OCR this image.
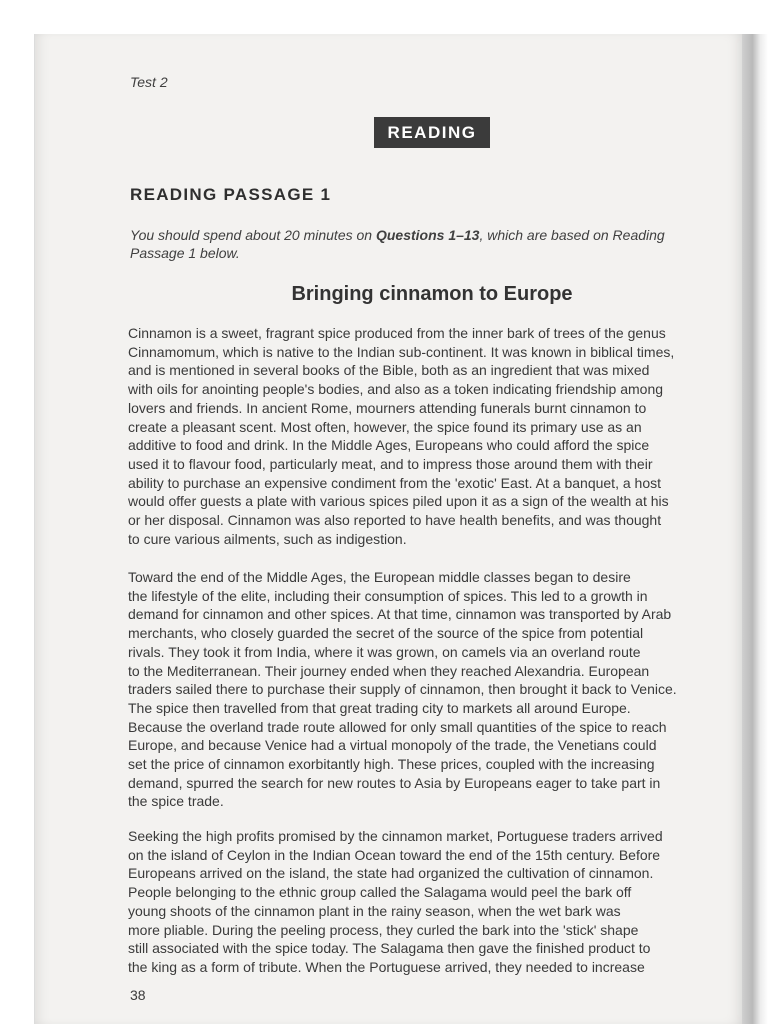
Test 2
READING
READING PASSAGE 1
You should spend about 20 minutes on Questions 1–13, which are based on Reading
Passage 1 below.
Bringing cinnamon to Europe
Cinnamon is a sweet, fragrant spice produced from the inner bark of trees of the genus
Cinnamomum, which is native to the Indian sub-continent. It was known in biblical times,
and is mentioned in several books of the Bible, both as an ingredient that was mixed
with oils for anointing people's bodies, and also as a token indicating friendship among
lovers and friends. In ancient Rome, mourners attending funerals burnt cinnamon to
create a pleasant scent. Most often, however, the spice found its primary use as an
additive to food and drink. In the Middle Ages, Europeans who could afford the spice
used it to flavour food, particularly meat, and to impress those around them with their
ability to purchase an expensive condiment from the 'exotic' East. At a banquet, a host
would offer guests a plate with various spices piled upon it as a sign of the wealth at his
or her disposal. Cinnamon was also reported to have health benefits, and was thought
to cure various ailments, such as indigestion.
Toward the end of the Middle Ages, the European middle classes began to desire
the lifestyle of the elite, including their consumption of spices. This led to a growth in
demand for cinnamon and other spices. At that time, cinnamon was transported by Arab
merchants, who closely guarded the secret of the source of the spice from potential
rivals. They took it from India, where it was grown, on camels via an overland route
to the Mediterranean. Their journey ended when they reached Alexandria. European
traders sailed there to purchase their supply of cinnamon, then brought it back to Venice.
The spice then travelled from that great trading city to markets all around Europe.
Because the overland trade route allowed for only small quantities of the spice to reach
Europe, and because Venice had a virtual monopoly of the trade, the Venetians could
set the price of cinnamon exorbitantly high. These prices, coupled with the increasing
demand, spurred the search for new routes to Asia by Europeans eager to take part in
the spice trade.
Seeking the high profits promised by the cinnamon market, Portuguese traders arrived
on the island of Ceylon in the Indian Ocean toward the end of the 15th century. Before
Europeans arrived on the island, the state had organized the cultivation of cinnamon.
People belonging to the ethnic group called the Salagama would peel the bark off
young shoots of the cinnamon plant in the rainy season, when the wet bark was
more pliable. During the peeling process, they curled the bark into the 'stick' shape
still associated with the spice today. The Salagama then gave the finished product to
the king as a form of tribute. When the Portuguese arrived, they needed to increase
38
